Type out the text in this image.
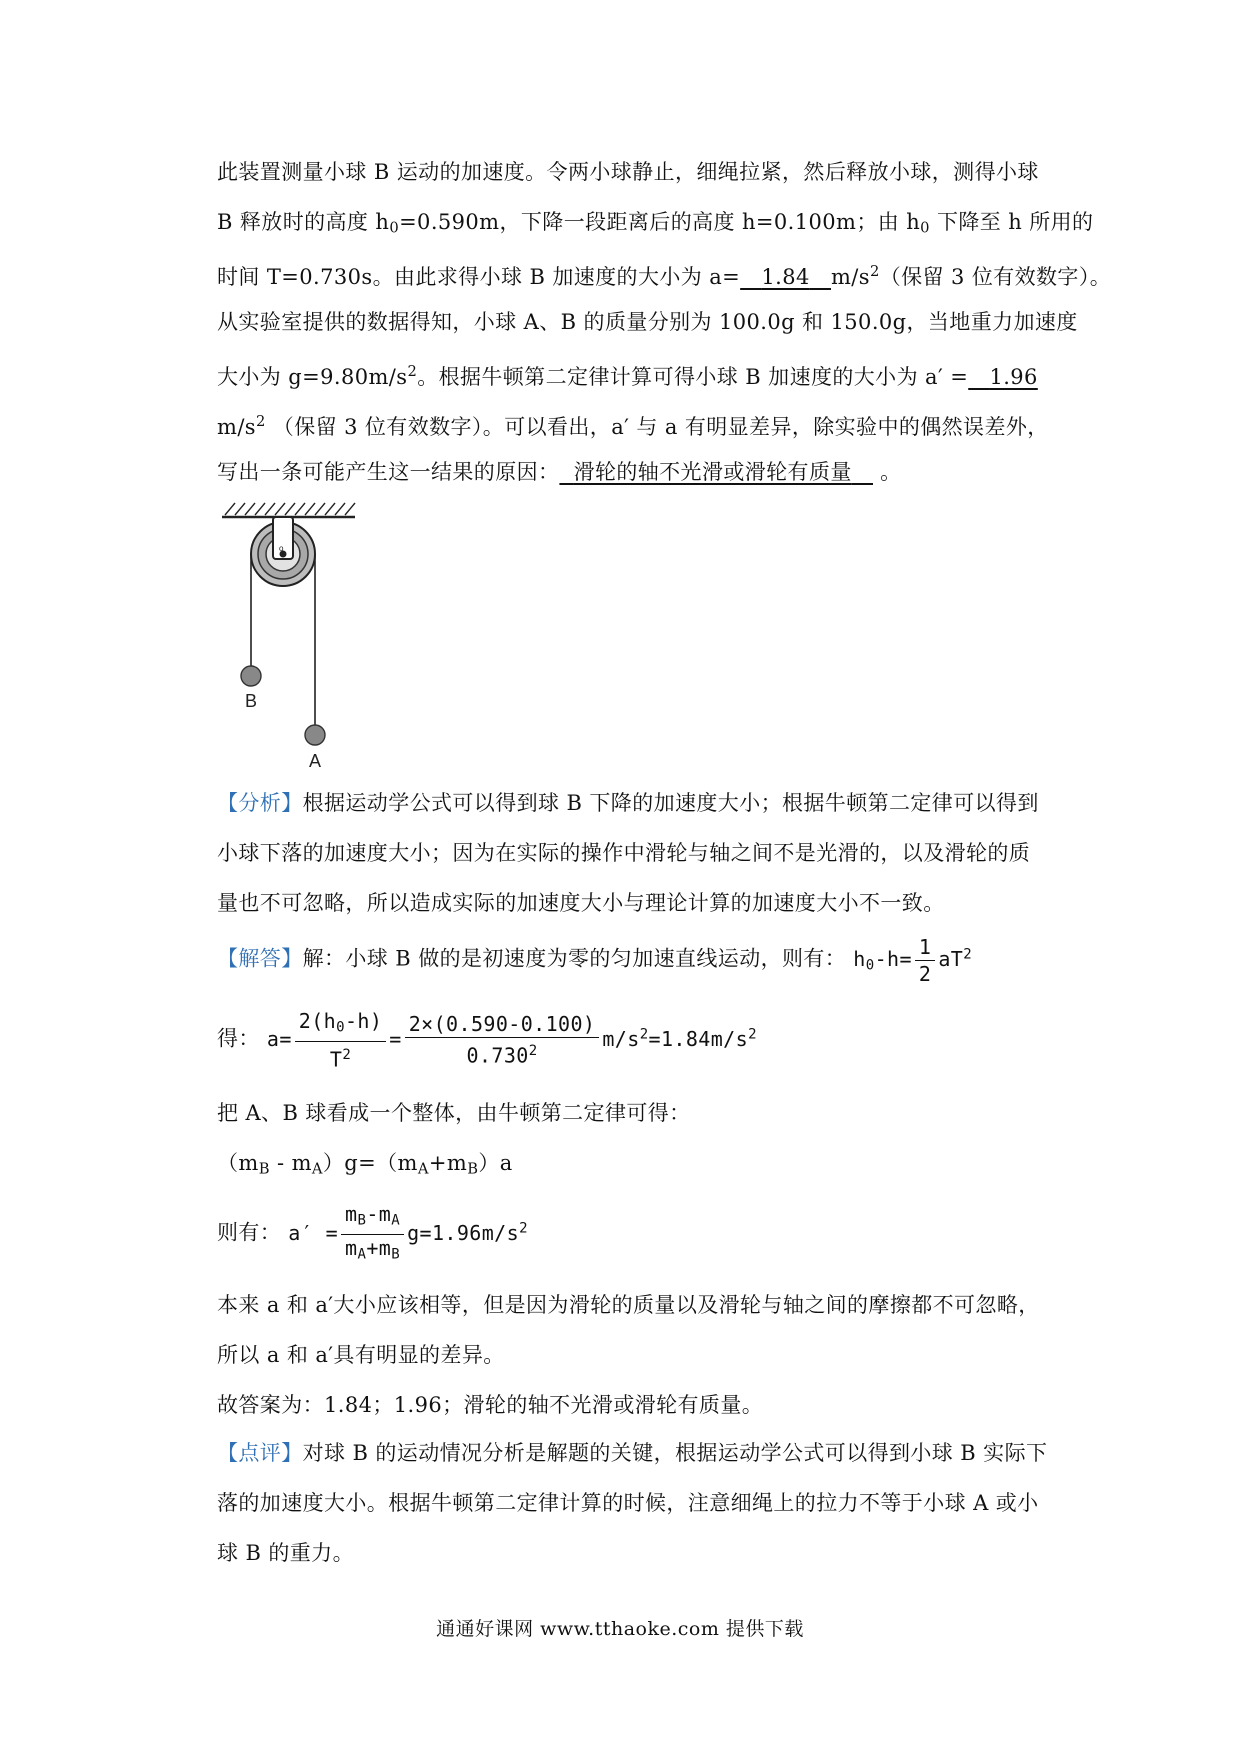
此装置测量小球 B 运动的加速度。令两小球静止，细绳拉紧，然后释放小球，测得小球
B 释放时的高度 $h_0=0.590m$，下降一段距离后的高度 h=0.100m；由 $h_0$ 下降至 h 所用的
时间 T=0.730s。由此求得小球 B 加速度的大小为 a= 1.84 $m/s^2$（保留 3 位有效数字）。
从实验室提供的数据得知，小球 A、B 的质量分别为 100.0g 和 150.0g，当地重力加速度
大小为 $g=9.80m/s^2$。根据牛顿第二定律计算可得小球 B 加速度的大小为 a′ = 1.96
$m/s^2$ （保留 3 位有效数字）。可以看出，a′ 与 a 有明显差异，除实验中的偶然误差外，
写出一条可能产生这一结果的原因： 滑轮的轴不光滑或滑轮有质量 。
o
B
A
【分析】根据运动学公式可以得到球 B 下降的加速度大小；根据牛顿第二定律可以得到
小球下落的加速度大小；因为在实际的操作中滑轮与轴之间不是光滑的，以及滑轮的质
量也不可忽略，所以造成实际的加速度大小与理论计算的加速度大小不一致。
【解答】解：小球 B 做的是初速度为零的匀加速直线运动，则有： $h_0-h= \frac{1}{2} aT^2$
得： $a= \frac{2(h_0-h)}{T^2} = \frac{2\times(0.590-0.100)}{0.730^2} m/s^2=1.84m/s^2$
把 A、B 球看成一个整体，由牛顿第二定律可得：
$(m_B - m_A)g=(m_A+m_B)a$
则有： $a' = \frac{m_B-m_A}{m_A+m_B} g=1.96m/s^2$
本来 a 和 a′大小应该相等，但是因为滑轮的质量以及滑轮与轴之间的摩擦都不可忽略，
所以 a 和 a′具有明显的差异。
故答案为：1.84；1.96；滑轮的轴不光滑或滑轮有质量。
【点评】对球 B 的运动情况分析是解题的关键，根据运动学公式可以得到小球 B 实际下
落的加速度大小。根据牛顿第二定律计算的时候，注意细绳上的拉力不等于小球 A 或小
球 B 的重力。
通通好课网 www.tthaoke.com 提供下载
